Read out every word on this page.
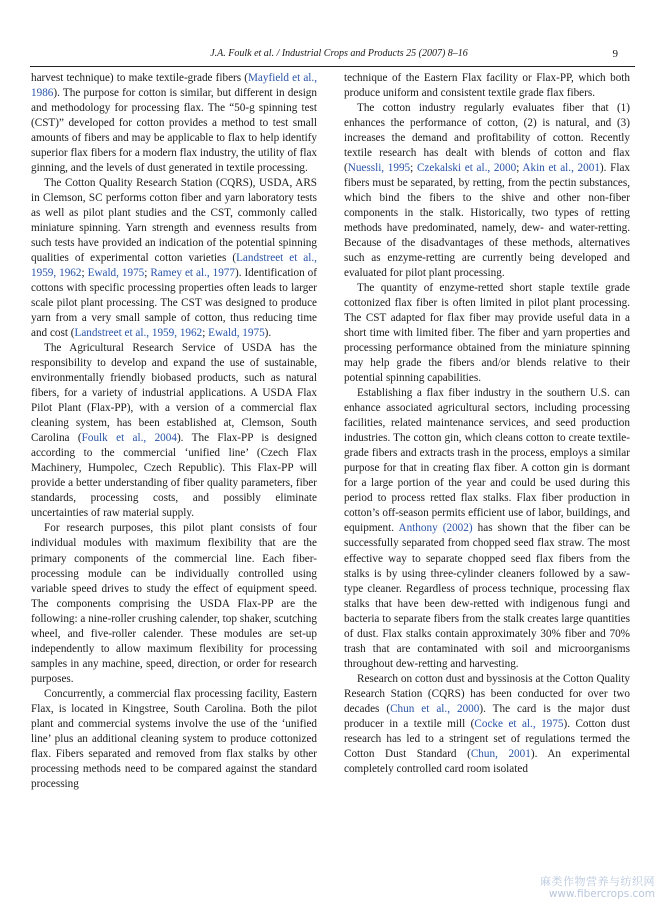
J.A. Foulk et al. / Industrial Crops and Products 25 (2007) 8–16	9

harvest technique) to make textile-grade fibers (Mayfield et al., 1986). The purpose for cotton is similar, but different in design and methodology for processing flax. The “50-g spinning test (CST)” developed for cotton provides a method to test small amounts of fibers and may be applicable to flax to help identify superior flax fibers for a modern flax industry, the utility of flax ginning, and the levels of dust generated in textile processing.

The Cotton Quality Research Station (CQRS), USDA, ARS in Clemson, SC performs cotton fiber and yarn laboratory tests as well as pilot plant studies and the CST, commonly called miniature spinning. Yarn strength and evenness results from such tests have provided an indication of the potential spinning qualities of experimental cotton varieties (Landstreet et al., 1959, 1962; Ewald, 1975; Ramey et al., 1977). Identification of cottons with specific processing properties often leads to larger scale pilot plant processing. The CST was designed to produce yarn from a very small sample of cotton, thus reducing time and cost (Landstreet et al., 1959, 1962; Ewald, 1975).

The Agricultural Research Service of USDA has the responsibility to develop and expand the use of sustainable, environmentally friendly biobased products, such as natural fibers, for a variety of industrial applications. A USDA Flax Pilot Plant (Flax-PP), with a version of a commercial flax cleaning system, has been established at, Clemson, South Carolina (Foulk et al., 2004). The Flax-PP is designed according to the commercial ‘unified line’ (Czech Flax Machinery, Humpolec, Czech Republic). This Flax-PP will provide a better understanding of fiber quality parameters, fiber standards, processing costs, and possibly eliminate uncertainties of raw material supply.

For research purposes, this pilot plant consists of four individual modules with maximum flexibility that are the primary components of the commercial line. Each fiber-processing module can be individually controlled using variable speed drives to study the effect of equipment speed. The components comprising the USDA Flax-PP are the following: a nine-roller crushing calender, top shaker, scutching wheel, and five-roller calender. These modules are set-up independently to allow maximum flexibility for processing samples in any machine, speed, direction, or order for research purposes.

Concurrently, a commercial flax processing facility, Eastern Flax, is located in Kingstree, South Carolina. Both the pilot plant and commercial systems involve the use of the ‘unified line’ plus an additional cleaning system to produce cottonized flax. Fibers separated and removed from flax stalks by other processing methods need to be compared against the standard processing

technique of the Eastern Flax facility or Flax-PP, which both produce uniform and consistent textile grade flax fibers.

The cotton industry regularly evaluates fiber that (1) enhances the performance of cotton, (2) is natural, and (3) increases the demand and profitability of cotton. Recently textile research has dealt with blends of cotton and flax (Nuessli, 1995; Czekalski et al., 2000; Akin et al., 2001). Flax fibers must be separated, by retting, from the pectin substances, which bind the fibers to the shive and other non-fiber components in the stalk. Historically, two types of retting methods have predominated, namely, dew- and water-retting. Because of the disadvantages of these methods, alternatives such as enzyme-retting are currently being developed and evaluated for pilot plant processing.

The quantity of enzyme-retted short staple textile grade cottonized flax fiber is often limited in pilot plant processing. The CST adapted for flax fiber may provide useful data in a short time with limited fiber. The fiber and yarn properties and processing performance obtained from the miniature spinning may help grade the fibers and/or blends relative to their potential spinning capabilities.

Establishing a flax fiber industry in the southern U.S. can enhance associated agricultural sectors, including processing facilities, related maintenance services, and seed production industries. The cotton gin, which cleans cotton to create textile-grade fibers and extracts trash in the process, employs a similar purpose for that in creating flax fiber. A cotton gin is dormant for a large portion of the year and could be used during this period to process retted flax stalks. Flax fiber production in cotton’s off-season permits efficient use of labor, buildings, and equipment. Anthony (2002) has shown that the fiber can be successfully separated from chopped seed flax straw. The most effective way to separate chopped seed flax fibers from the stalks is by using three-cylinder cleaners followed by a saw-type cleaner. Regardless of process technique, processing flax stalks that have been dew-retted with indigenous fungi and bacteria to separate fibers from the stalk creates large quantities of dust. Flax stalks contain approximately 30% fiber and 70% trash that are contaminated with soil and microorganisms throughout dew-retting and harvesting.

Research on cotton dust and byssinosis at the Cotton Quality Research Station (CQRS) has been conducted for over two decades (Chun et al., 2000). The card is the major dust producer in a textile mill (Cocke et al., 1975). Cotton dust research has led to a stringent set of regulations termed the Cotton Dust Standard (Chun, 2001). An experimental completely controlled card room isolated

麻类作物营养与纺织网
www.fibercrops.com
